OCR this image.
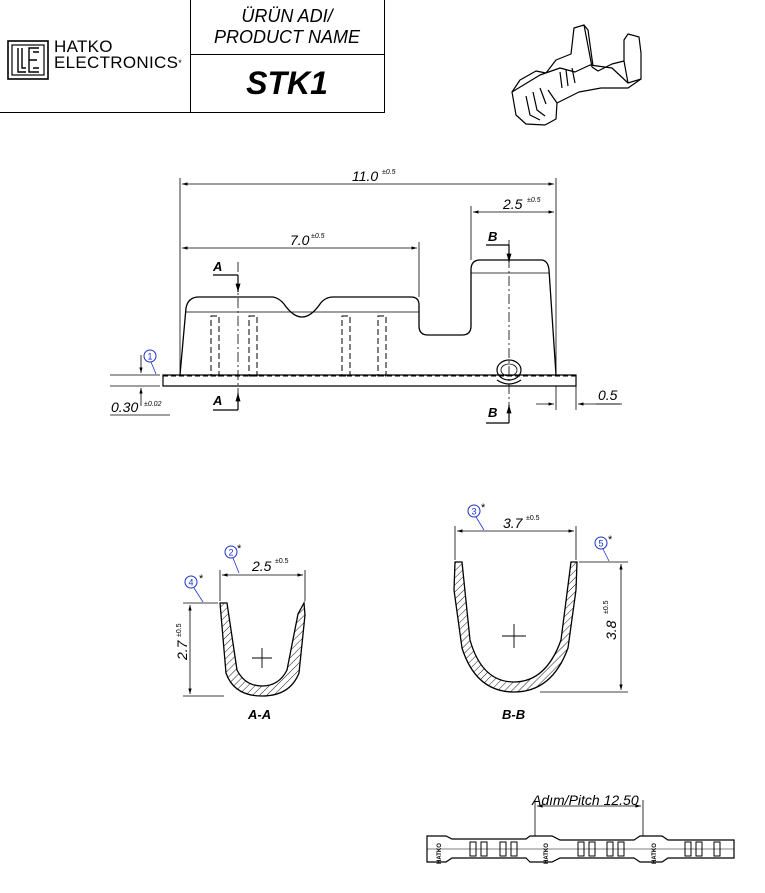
HATKO
ELECTRONICS*
ÜRÜN ADI/
PRODUCT NAME
STK1
A
A
B
B
11.0 ±0.5
7.0 ±0.5
2.5 ±0.5
0.30 ±0.02
0.5
2.5 ±0.5
2.7
±0.5
A-A
3.7 ±0.5
3.8
±0.5
B-B
1
2 *
4 *
3 *
5 *
HATKO	HATKO	HATKO
Adım/Pitch 12.50
